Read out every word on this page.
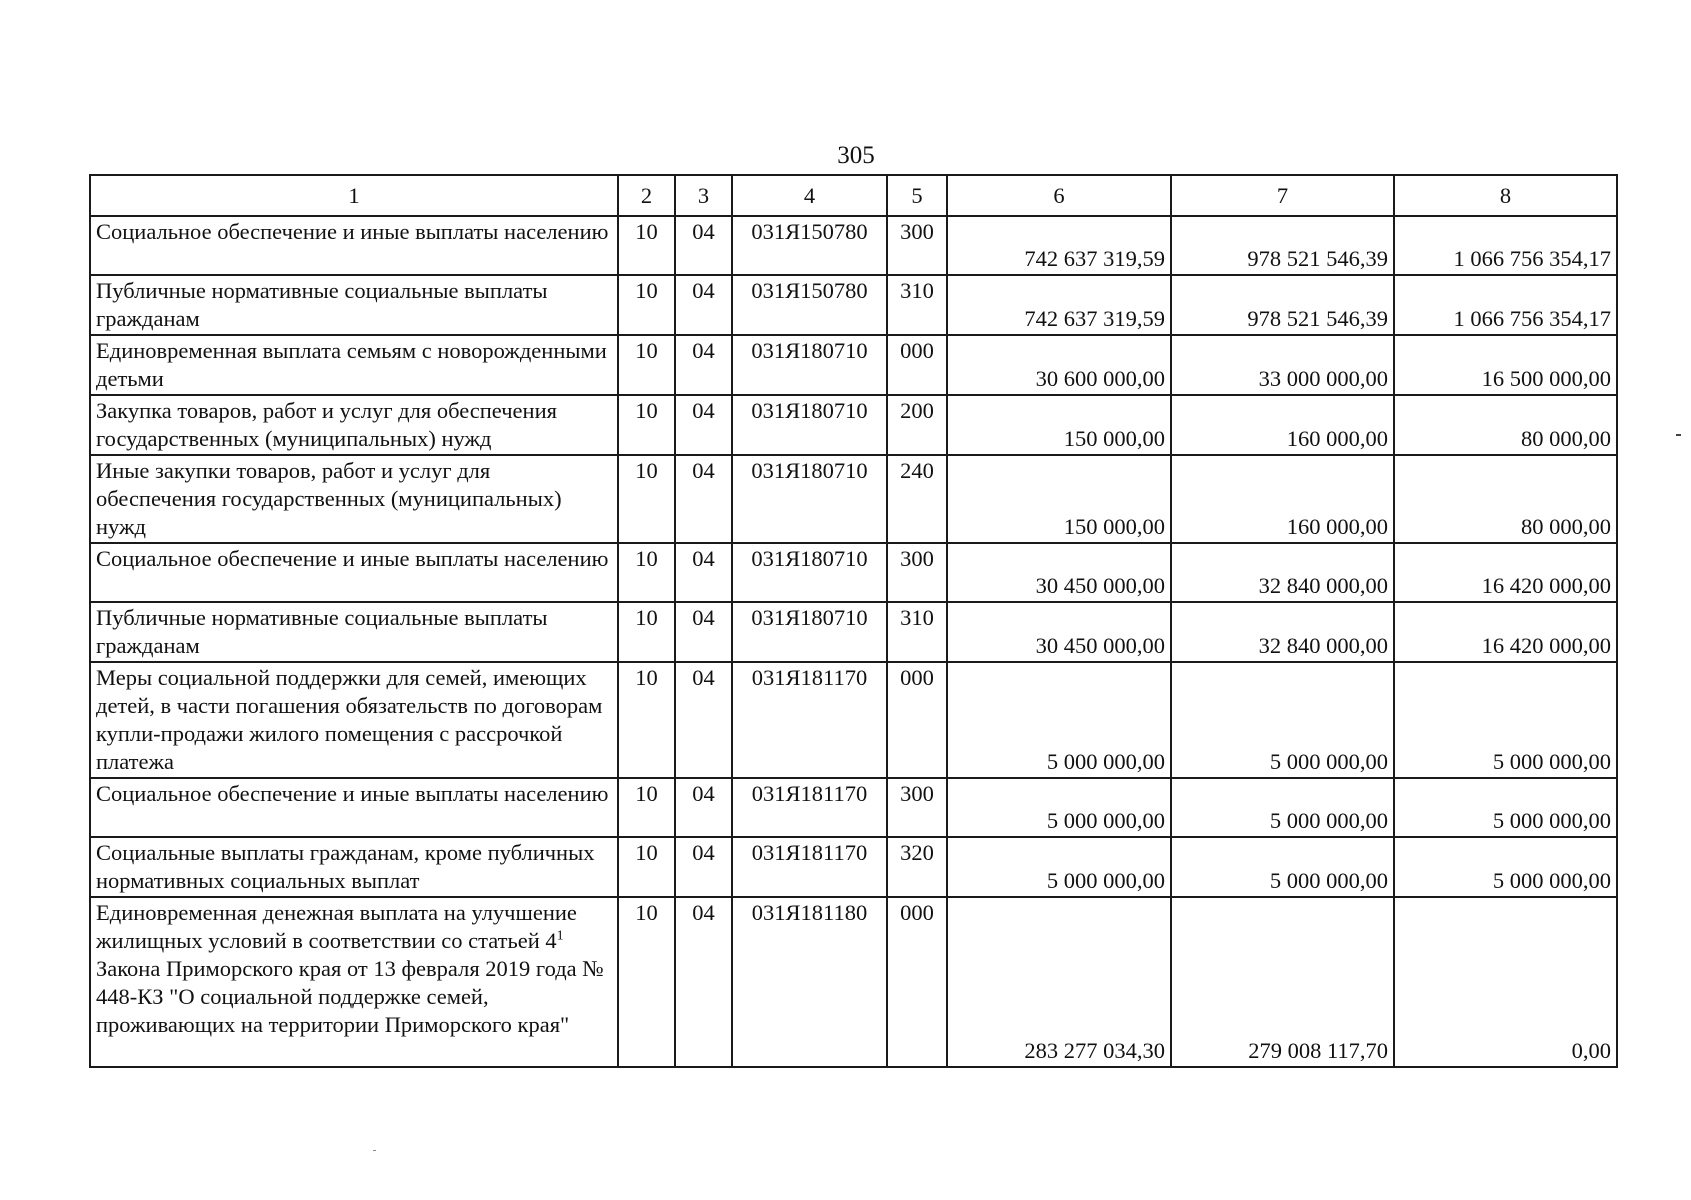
305
1	2	3	4	5	6	7	8
Социальное обеспечение и иные выплаты населению	10	04	031Я150780	300	742 637 319,59	978 521 546,39	1 066 756 354,17
Публичные нормативные социальные выплаты гражданам	10	04	031Я150780	310	742 637 319,59	978 521 546,39	1 066 756 354,17
Единовременная выплата семьям с новорожденными детьми	10	04	031Я180710	000	30 600 000,00	33 000 000,00	16 500 000,00
Закупка товаров, работ и услуг для обеспечения государственных (муниципальных) нужд	10	04	031Я180710	200	150 000,00	160 000,00	80 000,00
Иные закупки товаров, работ и услуг для обеспечения государственных (муниципальных) нужд	10	04	031Я180710	240	150 000,00	160 000,00	80 000,00
Социальное обеспечение и иные выплаты населению	10	04	031Я180710	300	30 450 000,00	32 840 000,00	16 420 000,00
Публичные нормативные социальные выплаты гражданам	10	04	031Я180710	310	30 450 000,00	32 840 000,00	16 420 000,00
Меры социальной поддержки для семей, имеющих детей, в части погашения обязательств по договорам купли-продажи жилого помещения с рассрочкой платежа	10	04	031Я181170	000	5 000 000,00	5 000 000,00	5 000 000,00
Социальное обеспечение и иные выплаты населению	10	04	031Я181170	300	5 000 000,00	5 000 000,00	5 000 000,00
Социальные выплаты гражданам, кроме публичных нормативных социальных выплат	10	04	031Я181170	320	5 000 000,00	5 000 000,00	5 000 000,00
Единовременная денежная выплата на улучшение жилищных условий в соответствии со статьей $4^1$ Закона Приморского края от 13 февраля 2019 года № 448-КЗ "О социальной поддержке семей, проживающих на территории Приморского края"	10	04	031Я181180	000	283 277 034,30	279 008 117,70	0,00
